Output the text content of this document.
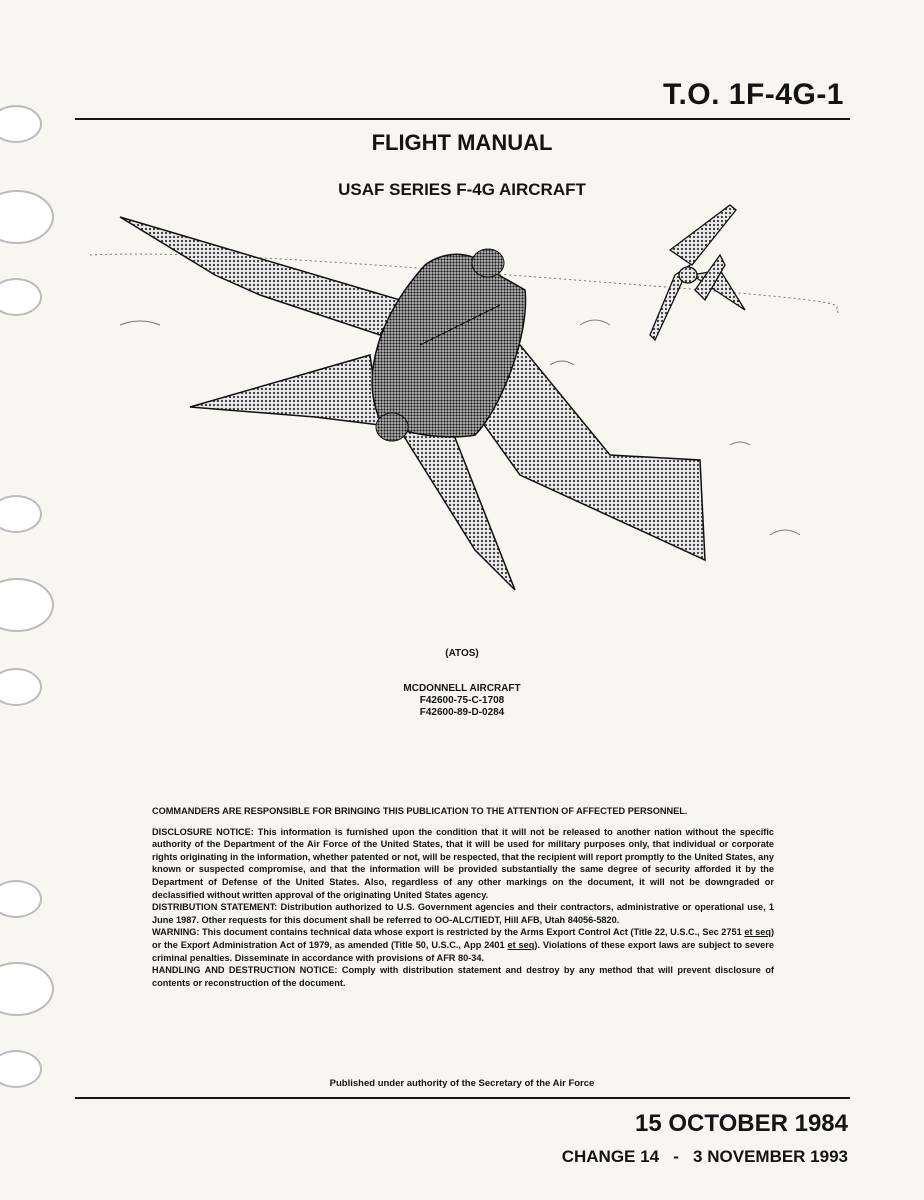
T.O. 1F-4G-1
FLIGHT MANUAL
USAF SERIES F-4G AIRCRAFT
(ATOS)
MCDONNELL AIRCRAFT
F42600-75-C-1708
F42600-89-D-0284

COMMANDERS ARE RESPONSIBLE FOR BRINGING THIS PUBLICATION TO THE ATTENTION OF AFFECTED PERSONNEL.

DISCLOSURE NOTICE: This information is furnished upon the condition that it will not be released to another nation without the specific authority of the Department of the Air Force of the United States, that it will be used for military purposes only, that individual or corporate rights originating in the information, whether patented or not, will be respected, that the recipient will report promptly to the United States, any known or suspected compromise, and that the information will be provided substantially the same degree of security afforded it by the Department of Defense of the United States. Also, regardless of any other markings on the document, it will not be downgraded or declassified without written approval of the originating United States agency.

DISTRIBUTION STATEMENT: Distribution authorized to U.S. Government agencies and their contractors, administrative or operational use, 1 June 1987. Other requests for this document shall be referred to OO-ALC/TIEDT, Hill AFB, Utah 84056-5820.

WARNING: This document contains technical data whose export is restricted by the Arms Export Control Act (Title 22, U.S.C., Sec 2751 et seq) or the Export Administration Act of 1979, as amended (Title 50, U.S.C., App 2401 et seq). Violations of these export laws are subject to severe criminal penalties. Disseminate in accordance with provisions of AFR 80-34.

HANDLING AND DESTRUCTION NOTICE: Comply with distribution statement and destroy by any method that will prevent disclosure of contents or reconstruction of the document.

Published under authority of the Secretary of the Air Force
15 OCTOBER 1984
CHANGE 14 - 3 NOVEMBER 1993
